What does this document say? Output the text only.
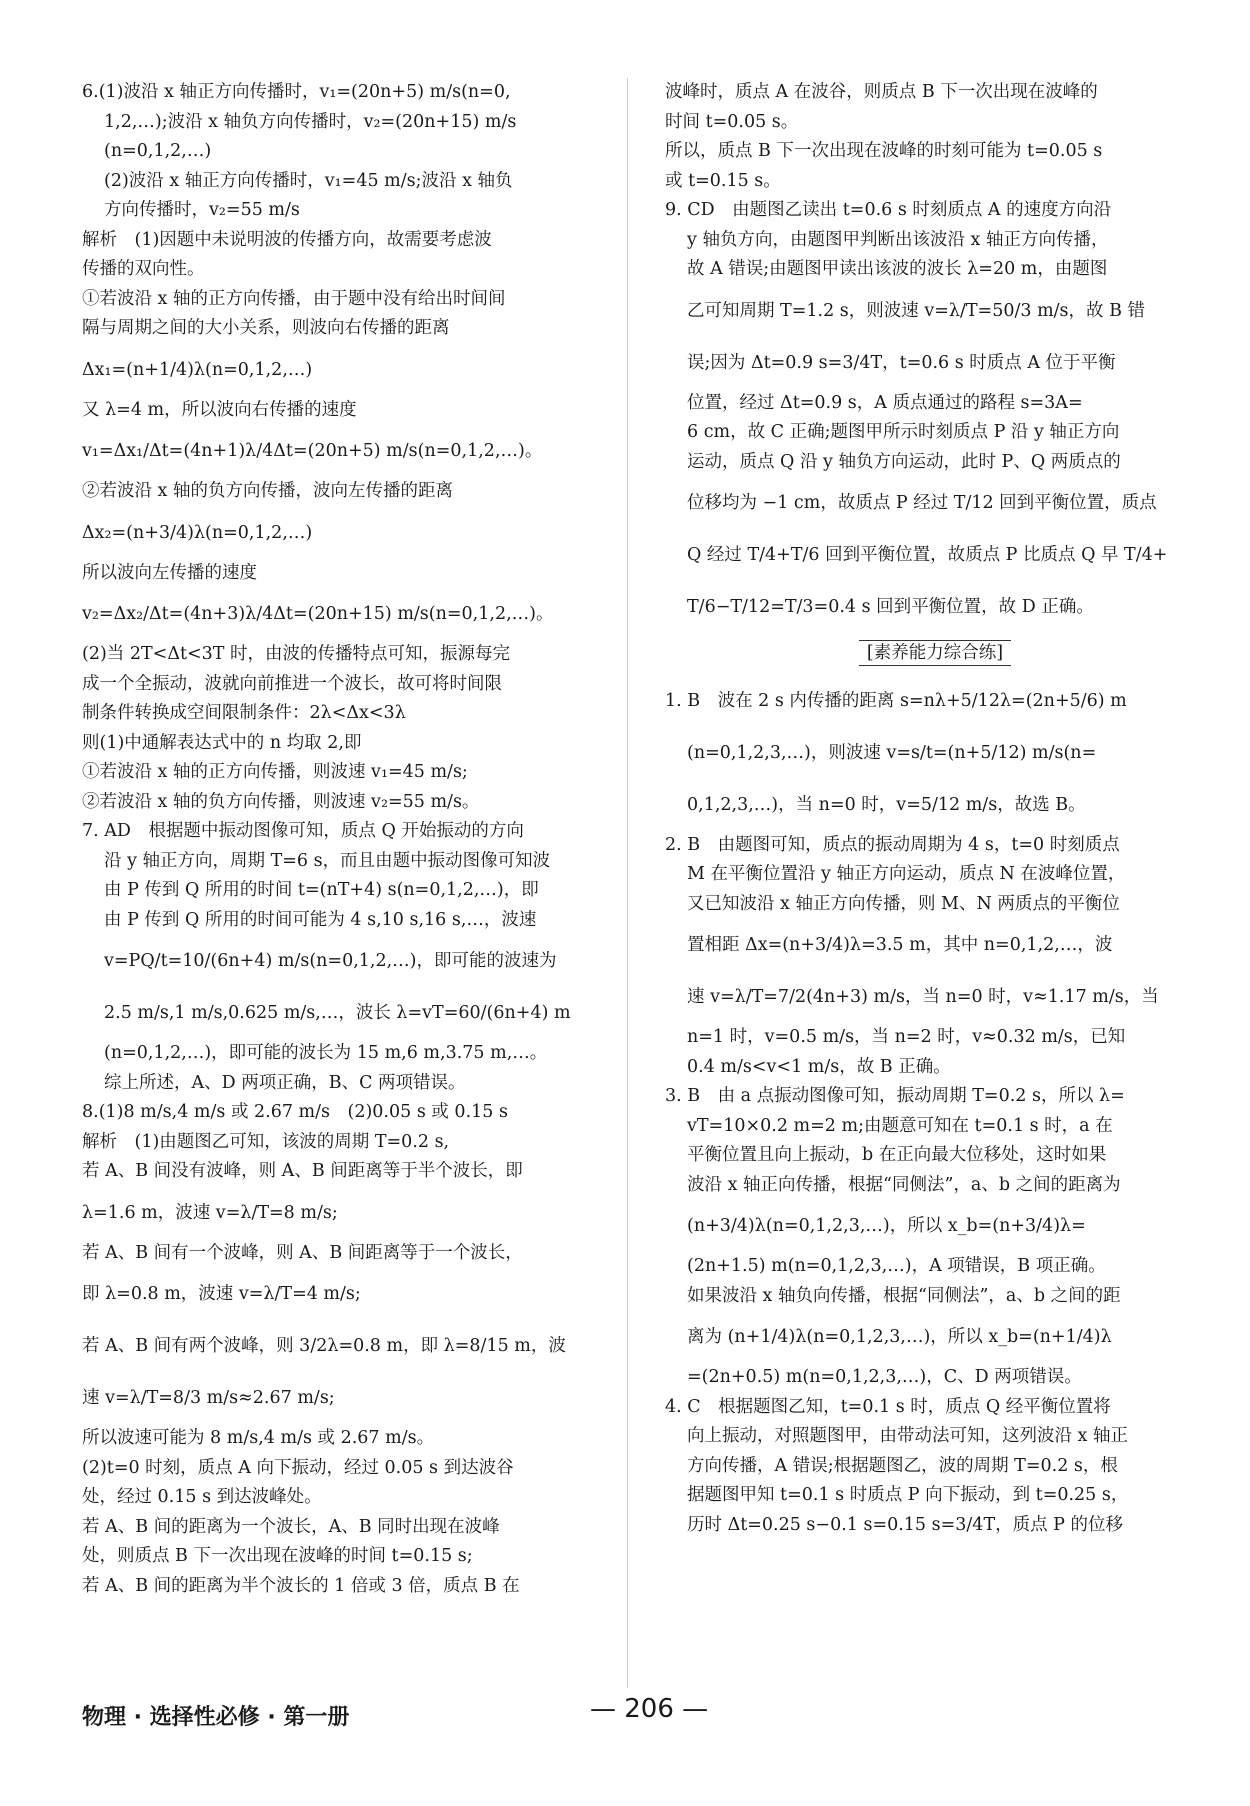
6.(1)波沿 x 轴正方向传播时，v₁=(20n+5) m/s(n=0,

1,2,…);波沿 x 轴负方向传播时，v₂=(20n+15) m/s

(n=0,1,2,…)

(2)波沿 x 轴正方向传播时，v₁=45 m/s;波沿 x 轴负

方向传播时，v₂=55 m/s

解析　(1)因题中未说明波的传播方向，故需要考虑波

传播的双向性。

①若波沿 x 轴的正方向传播，由于题中没有给出时间间

隔与周期之间的大小关系，则波向右传播的距离

Δx₁=(n+1/4)λ(n=0,1,2,…)

又 λ=4 m，所以波向右传播的速度

v₁=Δx₁/Δt=(4n+1)λ/4Δt=(20n+5) m/s(n=0,1,2,…)。

②若波沿 x 轴的负方向传播，波向左传播的距离

Δx₂=(n+3/4)λ(n=0,1,2,…)

所以波向左传播的速度

v₂=Δx₂/Δt=(4n+3)λ/4Δt=(20n+15) m/s(n=0,1,2,…)。

(2)当 2T<Δt<3T 时，由波的传播特点可知，振源每完

成一个全振动，波就向前推进一个波长，故可将时间限

制条件转换成空间限制条件：2λ<Δx<3λ

则(1)中通解表达式中的 n 均取 2,即

①若波沿 x 轴的正方向传播，则波速 v₁=45 m/s;

②若波沿 x 轴的负方向传播，则波速 v₂=55 m/s。

7. AD　根据题中振动图像可知，质点 Q 开始振动的方向

沿 y 轴正方向，周期 T=6 s，而且由题中振动图像可知波

由 P 传到 Q 所用的时间 t=(nT+4) s(n=0,1,2,…)，即

由 P 传到 Q 所用的时间可能为 4 s,10 s,16 s,…，波速

v=PQ/t=10/(6n+4) m/s(n=0,1,2,…)，即可能的波速为

2.5 m/s,1 m/s,0.625 m/s,…，波长 λ=vT=60/(6n+4) m

(n=0,1,2,…)，即可能的波长为 15 m,6 m,3.75 m,…。

综上所述，A、D 两项正确，B、C 两项错误。

8.(1)8 m/s,4 m/s 或 2.67 m/s　(2)0.05 s 或 0.15 s

解析　(1)由题图乙可知，该波的周期 T=0.2 s,

若 A、B 间没有波峰，则 A、B 间距离等于半个波长，即

λ=1.6 m，波速 v=λ/T=8 m/s;

若 A、B 间有一个波峰，则 A、B 间距离等于一个波长，

即 λ=0.8 m，波速 v=λ/T=4 m/s;

若 A、B 间有两个波峰，则 3/2λ=0.8 m，即 λ=8/15 m，波

速 v=λ/T=8/3 m/s≈2.67 m/s;

所以波速可能为 8 m/s,4 m/s 或 2.67 m/s。

(2)t=0 时刻，质点 A 向下振动，经过 0.05 s 到达波谷

处，经过 0.15 s 到达波峰处。

若 A、B 间的距离为一个波长，A、B 同时出现在波峰

处，则质点 B 下一次出现在波峰的时间 t=0.15 s;

若 A、B 间的距离为半个波长的 1 倍或 3 倍，质点 B 在

波峰时，质点 A 在波谷，则质点 B 下一次出现在波峰的

时间 t=0.05 s。

所以，质点 B 下一次出现在波峰的时刻可能为 t=0.05 s

或 t=0.15 s。

9. CD　由题图乙读出 t=0.6 s 时刻质点 A 的速度方向沿

y 轴负方向，由题图甲判断出该波沿 x 轴正方向传播，

故 A 错误;由题图甲读出该波的波长 λ=20 m，由题图

乙可知周期 T=1.2 s，则波速 v=λ/T=50/3 m/s，故 B 错

误;因为 Δt=0.9 s=3/4T，t=0.6 s 时质点 A 位于平衡

位置，经过 Δt=0.9 s，A 质点通过的路程 s=3A=

6 cm，故 C 正确;题图甲所示时刻质点 P 沿 y 轴正方向

运动，质点 Q 沿 y 轴负方向运动，此时 P、Q 两质点的

位移均为 −1 cm，故质点 P 经过 T/12 回到平衡位置，质点

Q 经过 T/4+T/6 回到平衡位置，故质点 P 比质点 Q 早 T/4+

T/6−T/12=T/3=0.4 s 回到平衡位置，故 D 正确。

[素养能力综合练]

1. B　波在 2 s 内传播的距离 s=nλ+5/12λ=(2n+5/6) m

(n=0,1,2,3,…)，则波速 v=s/t=(n+5/12) m/s(n=

0,1,2,3,…)，当 n=0 时，v=5/12 m/s，故选 B。

2. B　由题图可知，质点的振动周期为 4 s，t=0 时刻质点

M 在平衡位置沿 y 轴正方向运动，质点 N 在波峰位置，

又已知波沿 x 轴正方向传播，则 M、N 两质点的平衡位

置相距 Δx=(n+3/4)λ=3.5 m，其中 n=0,1,2,…，波

速 v=λ/T=7/2(4n+3) m/s，当 n=0 时，v≈1.17 m/s，当

n=1 时，v=0.5 m/s，当 n=2 时，v≈0.32 m/s，已知

0.4 m/s<v<1 m/s，故 B 正确。

3. B　由 a 点振动图像可知，振动周期 T=0.2 s，所以 λ=

vT=10×0.2 m=2 m;由题意可知在 t=0.1 s 时，a 在

平衡位置且向上振动，b 在正向最大位移处，这时如果

波沿 x 轴正向传播，根据“同侧法”，a、b 之间的距离为

(n+3/4)λ(n=0,1,2,3,…)，所以 x_b=(n+3/4)λ=

(2n+1.5) m(n=0,1,2,3,…)，A 项错误，B 项正确。

如果波沿 x 轴负向传播，根据“同侧法”，a、b 之间的距

离为 (n+1/4)λ(n=0,1,2,3,…)，所以 x_b=(n+1/4)λ

=(2n+0.5) m(n=0,1,2,3,…)，C、D 两项错误。

4. C　根据题图乙知，t=0.1 s 时，质点 Q 经平衡位置将

向上振动，对照题图甲，由带动法可知，这列波沿 x 轴正

方向传播，A 错误;根据题图乙，波的周期 T=0.2 s，根

据题图甲知 t=0.1 s 时质点 P 向下振动，到 t=0.25 s，

历时 Δt=0.25 s−0.1 s=0.15 s=3/4T，质点 P 的位移

物理 · 选择性必修 · 第一册	— 206 —
